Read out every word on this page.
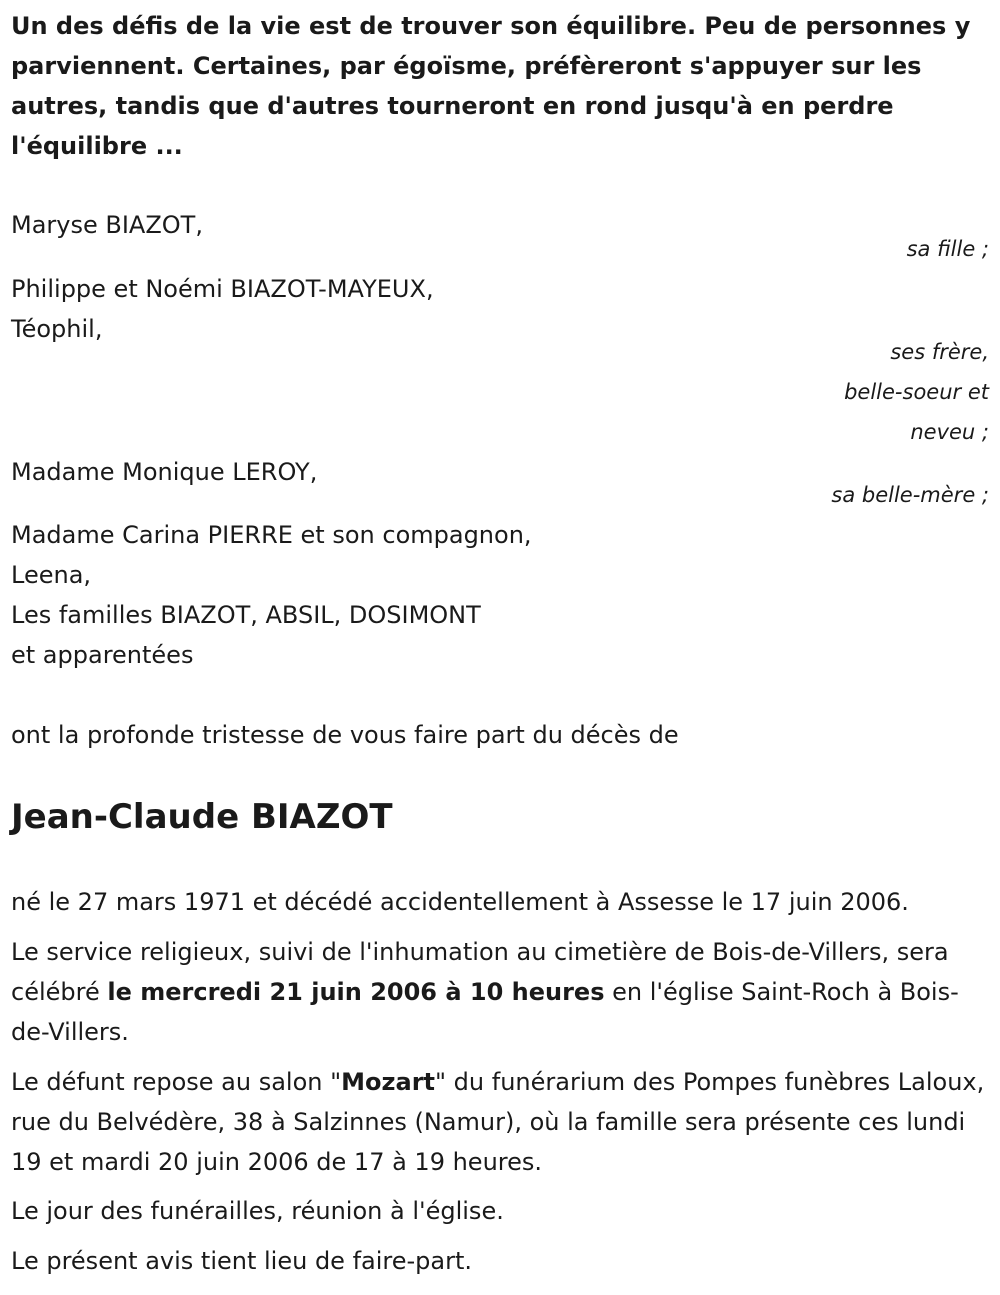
Un des défis de la vie est de trouver son équilibre. Peu de personnes y parviennent. Certaines, par égoïsme, préfèreront s'appuyer sur les autres, tandis que d'autres tourneront en rond jusqu'à en perdre l'équilibre ...
Maryse BIAZOT,
sa fille ;
Philippe et Noémi BIAZOT-MAYEUX,
Téophil,
ses frère,
belle-soeur et
neveu ;
Madame Monique LEROY,
sa belle-mère ;
Madame Carina PIERRE et son compagnon,
Leena,
Les familles BIAZOT, ABSIL, DOSIMONT
et apparentées
ont la profonde tristesse de vous faire part du décès de
Jean-Claude BIAZOT
né le 27 mars 1971 et décédé accidentellement à Assesse le 17 juin 2006.
Le service religieux, suivi de l'inhumation au cimetière de Bois-de-Villers, sera célébré le mercredi 21 juin 2006 à 10 heures en l'église Saint-Roch à Bois-de-Villers.
Le défunt repose au salon "Mozart" du funérarium des Pompes funèbres Laloux, rue du Belvédère, 38 à Salzinnes (Namur), où la famille sera présente ces lundi 19 et mardi 20 juin 2006 de 17 à 19 heures.
Le jour des funérailles, réunion à l'église.
Le présent avis tient lieu de faire-part.
